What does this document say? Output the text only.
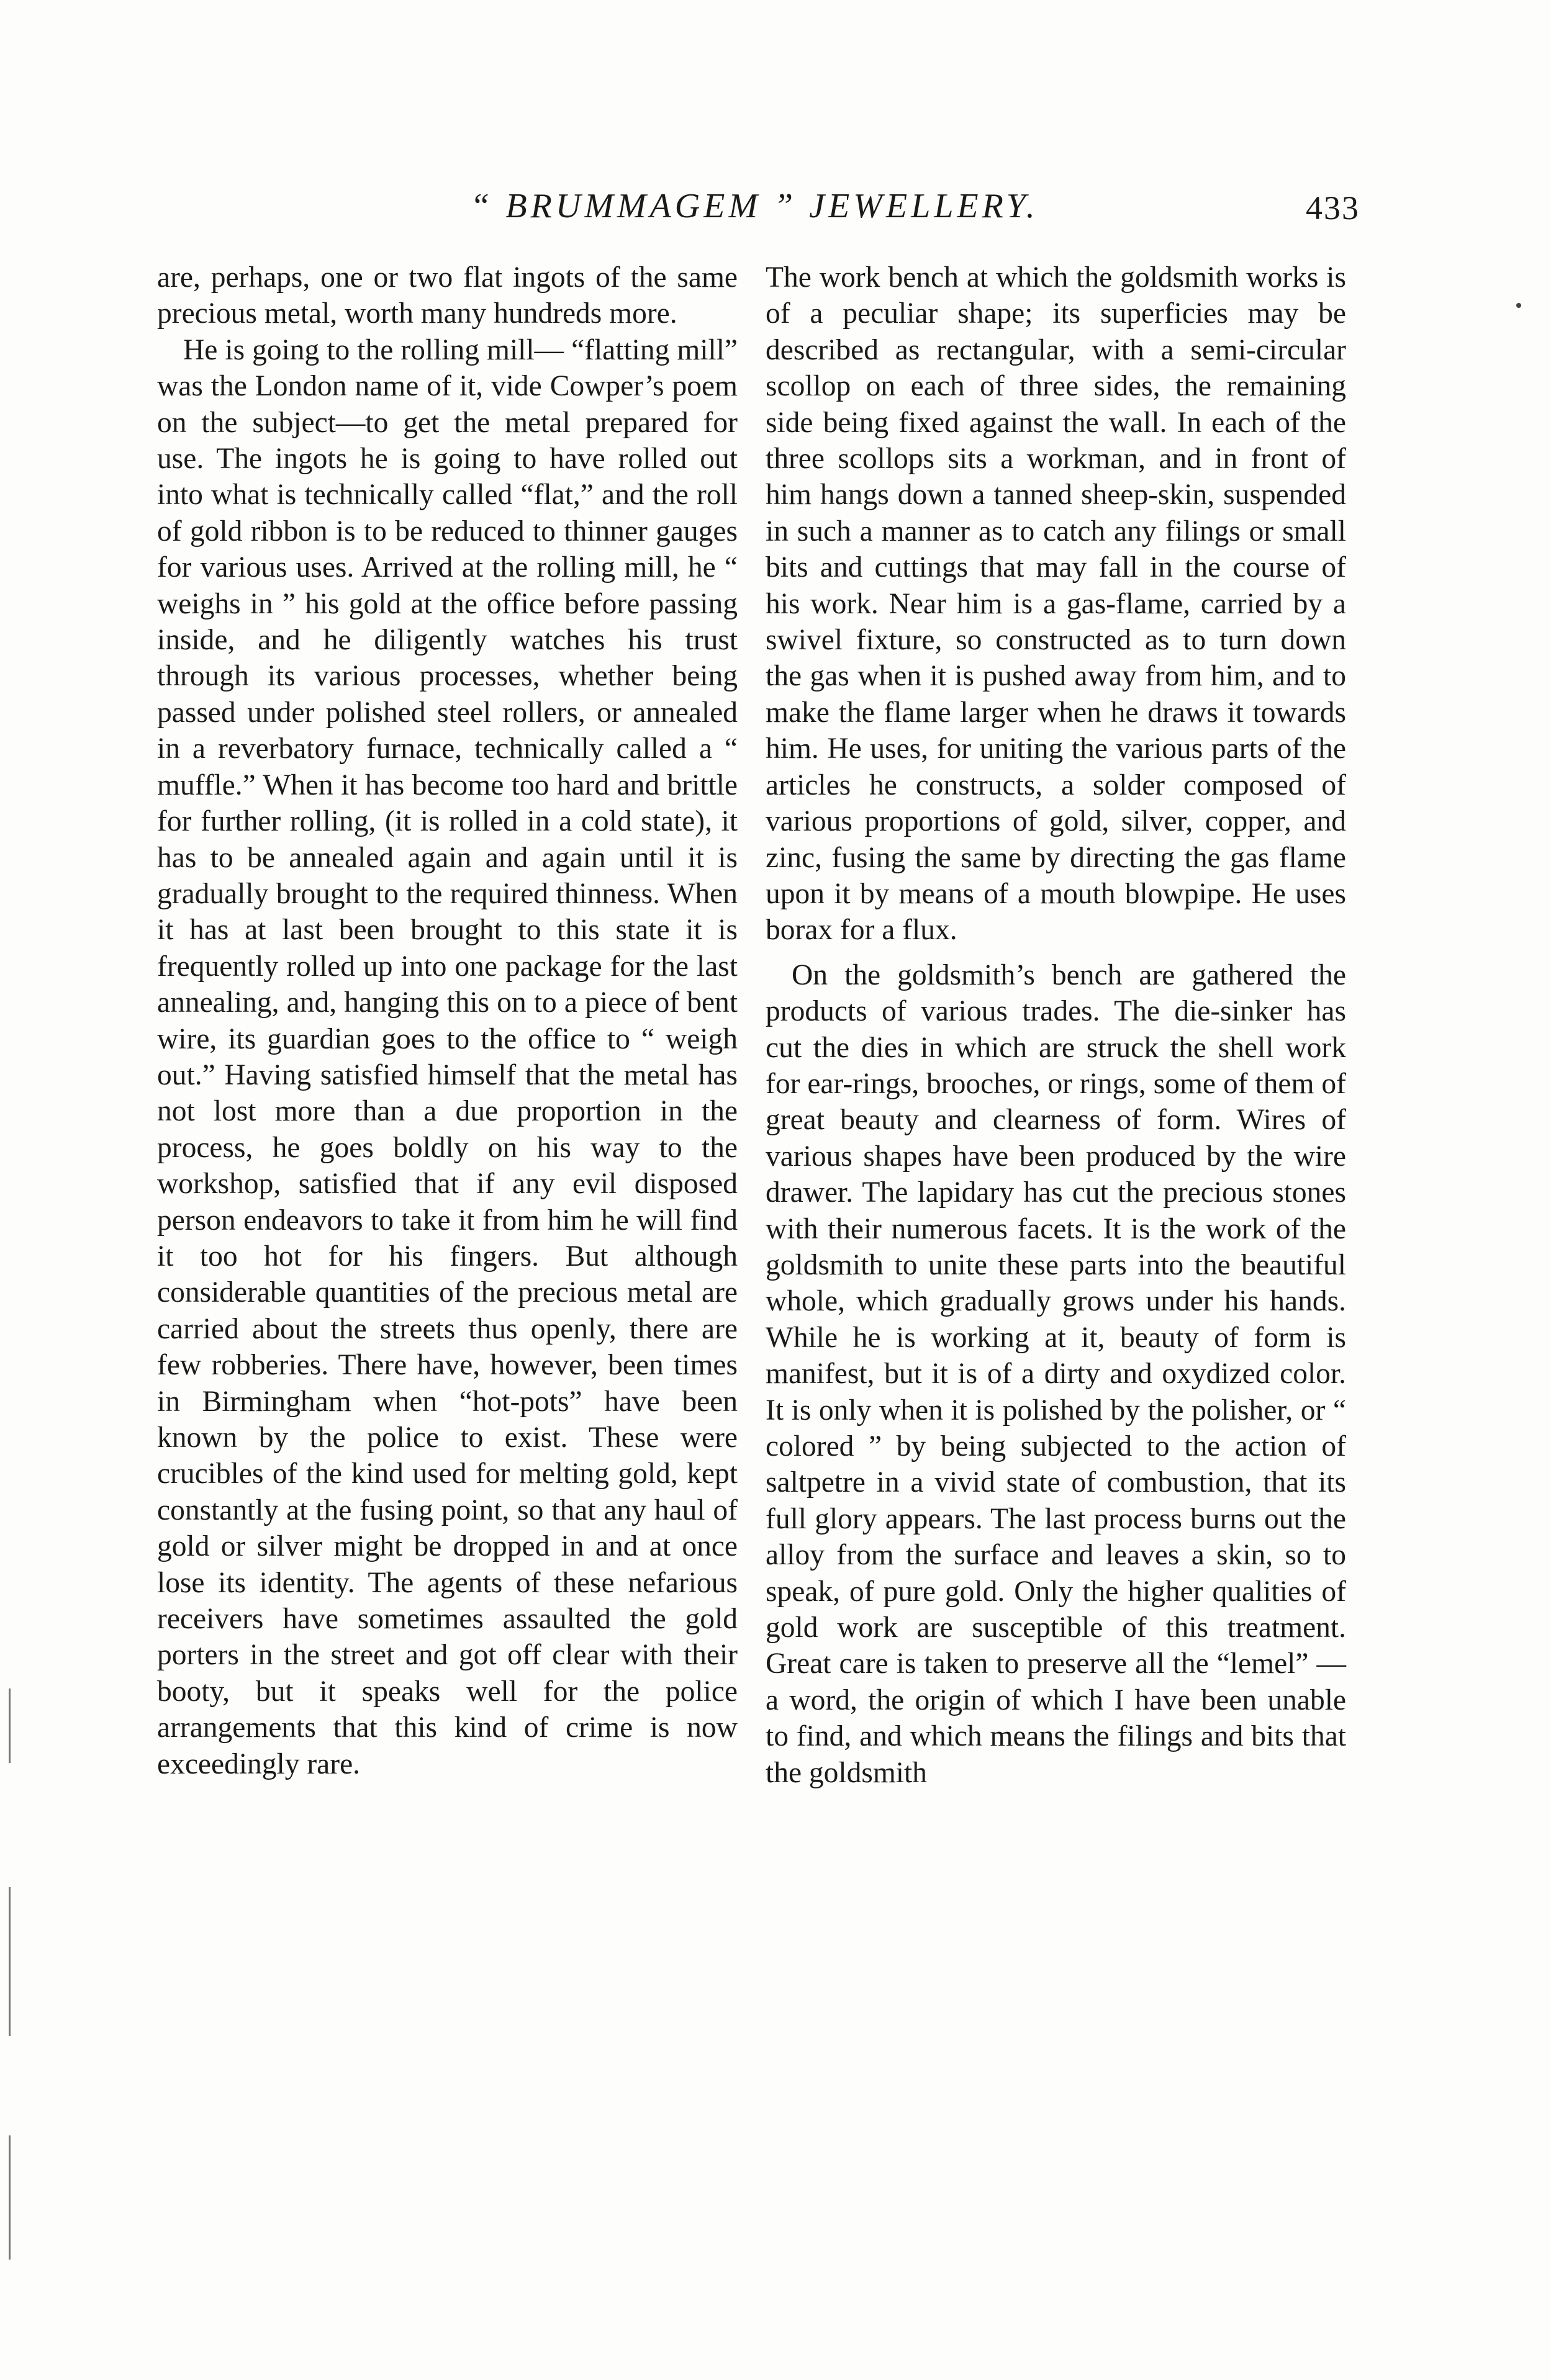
“ BRUMMAGEM ” JEWELLERY.	433

are, perhaps, one or two flat ingots of the same precious metal, worth many hundreds more.

He is going to the rolling mill— “flatting mill” was the London name of it, vide Cowper’s poem on the subject—to get the metal prepared for use. The ingots he is going to have rolled out into what is technically called “flat,” and the roll of gold ribbon is to be reduced to thinner gauges for various uses. Arrived at the rolling mill, he “ weighs in ” his gold at the office before passing inside, and he diligently watches his trust through its various processes, whether being passed under polished steel rollers, or annealed in a reverbatory furnace, technically called a “ muffle.” When it has become too hard and brittle for further rolling, (it is rolled in a cold state), it has to be annealed again and again until it is gradually brought to the required thinness. When it has at last been brought to this state it is frequently rolled up into one package for the last annealing, and, hanging this on to a piece of bent wire, its guardian goes to the office to “ weigh out.” Having satisfied himself that the metal has not lost more than a due proportion in the process, he goes boldly on his way to the workshop, satisfied that if any evil disposed person endeavors to take it from him he will find it too hot for his fingers. But although considerable quantities of the precious metal are carried about the streets thus openly, there are few robberies. There have, however, been times in Birmingham when “hot-pots” have been known by the police to exist. These were crucibles of the kind used for melting gold, kept constantly at the fusing point, so that any haul of gold or silver might be dropped in and at once lose its identity. The agents of these nefarious receivers have sometimes assaulted the gold porters in the street and got off clear with their booty, but it speaks well for the police arrangements that this kind of crime is now exceedingly rare.

The work bench at which the goldsmith works is of a peculiar shape; its superficies may be described as rectangular, with a semi-circular scollop on each of three sides, the remaining side being fixed against the wall. In each of the three scollops sits a workman, and in front of him hangs down a tanned sheep-skin, suspended in such a manner as to catch any filings or small bits and cuttings that may fall in the course of his work. Near him is a gas-flame, carried by a swivel fixture, so constructed as to turn down the gas when it is pushed away from him, and to make the flame larger when he draws it towards him. He uses, for uniting the various parts of the articles he constructs, a solder composed of various proportions of gold, silver, copper, and zinc, fusing the same by directing the gas flame upon it by means of a mouth blowpipe. He uses borax for a flux.

On the goldsmith’s bench are gathered the products of various trades. The die-sinker has cut the dies in which are struck the shell work for ear-rings, brooches, or rings, some of them of great beauty and clearness of form. Wires of various shapes have been produced by the wire drawer. The lapidary has cut the precious stones with their numerous facets. It is the work of the goldsmith to unite these parts into the beautiful whole, which gradually grows under his hands. While he is working at it, beauty of form is manifest, but it is of a dirty and oxydized color. It is only when it is polished by the polisher, or “ colored ” by being subjected to the action of saltpetre in a vivid state of combustion, that its full glory appears. The last process burns out the alloy from the surface and leaves a skin, so to speak, of pure gold. Only the higher qualities of gold work are susceptible of this treatment. Great care is taken to preserve all the “lemel” —a word, the origin of which I have been unable to find, and which means the filings and bits that the goldsmith
